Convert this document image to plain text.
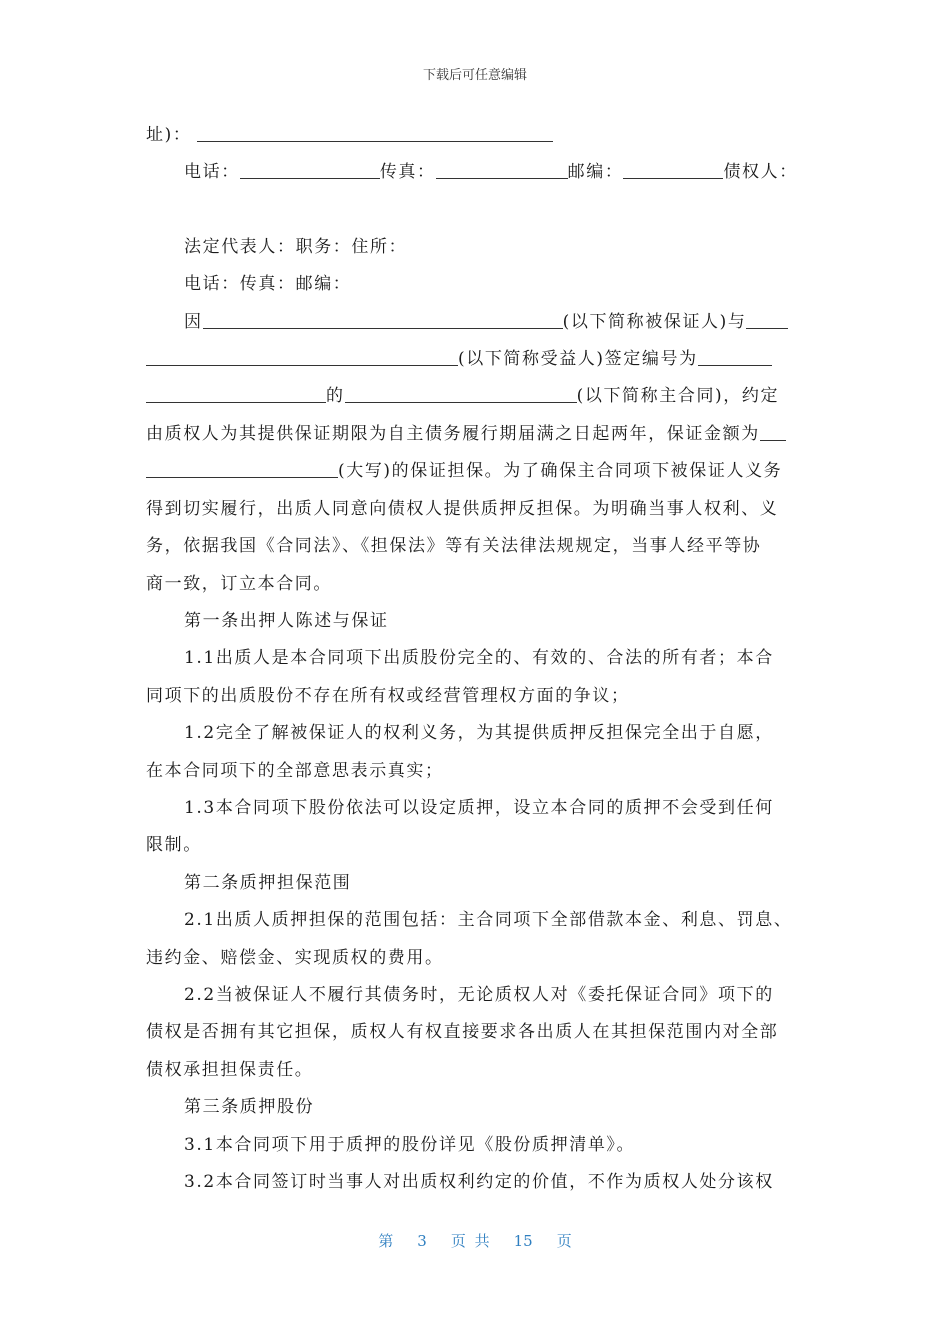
下载后可任意编辑
址)：
电话：	传真：	邮编：	债权人：
法定代表人：职务：住所：
电话：传真：邮编：
因	(以下简称被保证人)与
(以下简称受益人)签定编号为
的	(以下简称主合同)，约定
由质权人为其提供保证期限为自主债务履行期届满之日起两年，保证金额为
(大写)的保证担保。为了确保主合同项下被保证人义务
得到切实履行，出质人同意向债权人提供质押反担保。为明确当事人权利、义
务，依据我国《合同法》、《担保法》等有关法律法规规定，当事人经平等协
商一致，订立本合同。
第一条出押人陈述与保证
1.1出质人是本合同项下出质股份完全的、有效的、合法的所有者；本合
同项下的出质股份不存在所有权或经营管理权方面的争议；
1.2完全了解被保证人的权利义务，为其提供质押反担保完全出于自愿，
在本合同项下的全部意思表示真实；
1.3本合同项下股份依法可以设定质押，设立本合同的质押不会受到任何
限制。
第二条质押担保范围
2.1出质人质押担保的范围包括：主合同项下全部借款本金、利息、罚息、
违约金、赔偿金、实现质权的费用。
2.2当被保证人不履行其债务时，无论质权人对《委托保证合同》项下的
债权是否拥有其它担保，质权人有权直接要求各出质人在其担保范围内对全部
债权承担担保责任。
第三条质押股份
3.1本合同项下用于质押的股份详见《股份质押清单》。
3.2本合同签订时当事人对出质权利约定的价值，不作为质权人处分该权
第 3 页 共 15 页
